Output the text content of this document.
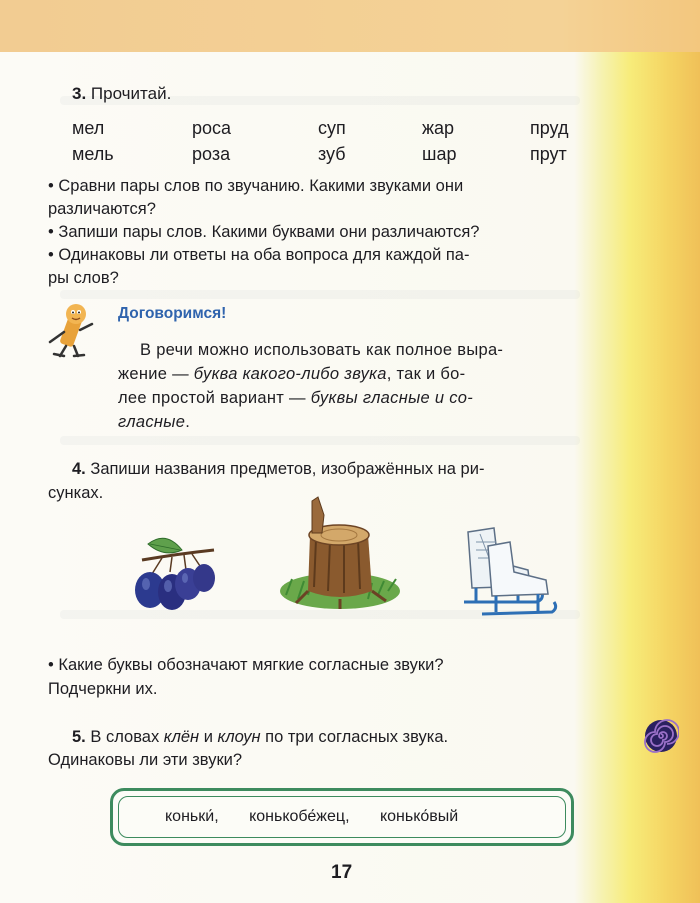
3. Прочитай.
мел	роса	суп	жар	пруд
мель	роза	зуб	шар	прут
• Сравни пары слов по звучанию. Какими звуками они
различаются?
• Запиши пары слов. Какими буквами они различаются?
• Одинаковы ли ответы на оба вопроса для каждой па-
ры слов?
Договоримся!
В речи можно использовать как полное выра-
жение — буква какого-либо звука, так и бо-
лее простой вариант — буквы гласные и со-
гласные.
4. Запиши названия предметов, изображённых на ри-
сунках.
• Какие буквы обозначают мягкие согласные звуки?
Подчеркни их.
5. В словах клён и клоун по три согласных звука.
Одинаковы ли эти звуки?
коньки́, конькобе́жец, конько́вый
17
